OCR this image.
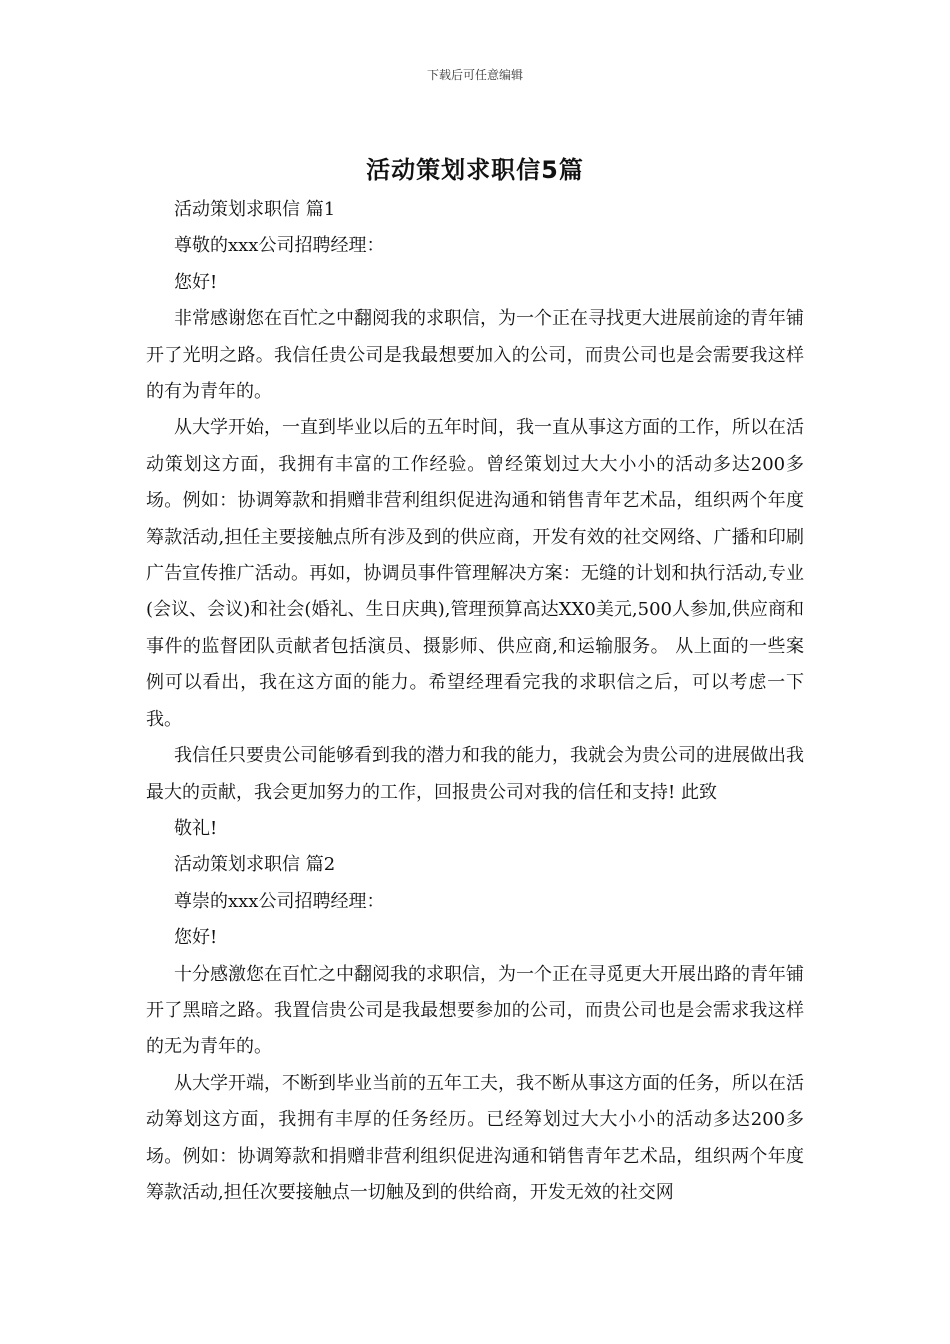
下载后可任意编辑
活动策划求职信5篇

活动策划求职信 篇1

尊敬的xxx公司招聘经理：

您好!

非常感谢您在百忙之中翻阅我的求职信，为一个正在寻找更大进展前途的青年铺开了光明之路。我信任贵公司是我最想要加入的公司，而贵公司也是会需要我这样的有为青年的。

从大学开始，一直到毕业以后的五年时间，我一直从事这方面的工作，所以在活动策划这方面，我拥有丰富的工作经验。曾经策划过大大小小的活动多达200多场。例如：协调筹款和捐赠非营利组织促进沟通和销售青年艺术品，组织两个年度筹款活动,担任主要接触点所有涉及到的供应商，开发有效的社交网络、广播和印刷广告宣传推广活动。再如，协调员事件管理解决方案：无缝的计划和执行活动,专业(会议、会议)和社会(婚礼、生日庆典),管理预算高达XX0美元,500人参加,供应商和事件的监督团队贡献者包括演员、摄影师、供应商,和运输服务。 从上面的一些案例可以看出，我在这方面的能力。希望经理看完我的求职信之后，可以考虑一下我。

我信任只要贵公司能够看到我的潜力和我的能力，我就会为贵公司的进展做出我最大的贡献，我会更加努力的工作，回报贵公司对我的信任和支持! 此致

敬礼!

活动策划求职信 篇2

尊崇的xxx公司招聘经理：

您好!

十分感激您在百忙之中翻阅我的求职信，为一个正在寻觅更大开展出路的青年铺开了黑暗之路。我置信贵公司是我最想要参加的公司，而贵公司也是会需求我这样的无为青年的。

从大学开端，不断到毕业当前的五年工夫，我不断从事这方面的任务，所以在活动筹划这方面，我拥有丰厚的任务经历。已经筹划过大大小小的活动多达200多场。例如：协调筹款和捐赠非营利组织促进沟通和销售青年艺术品，组织两个年度筹款活动,担任次要接触点一切触及到的供给商，开发无效的社交网
